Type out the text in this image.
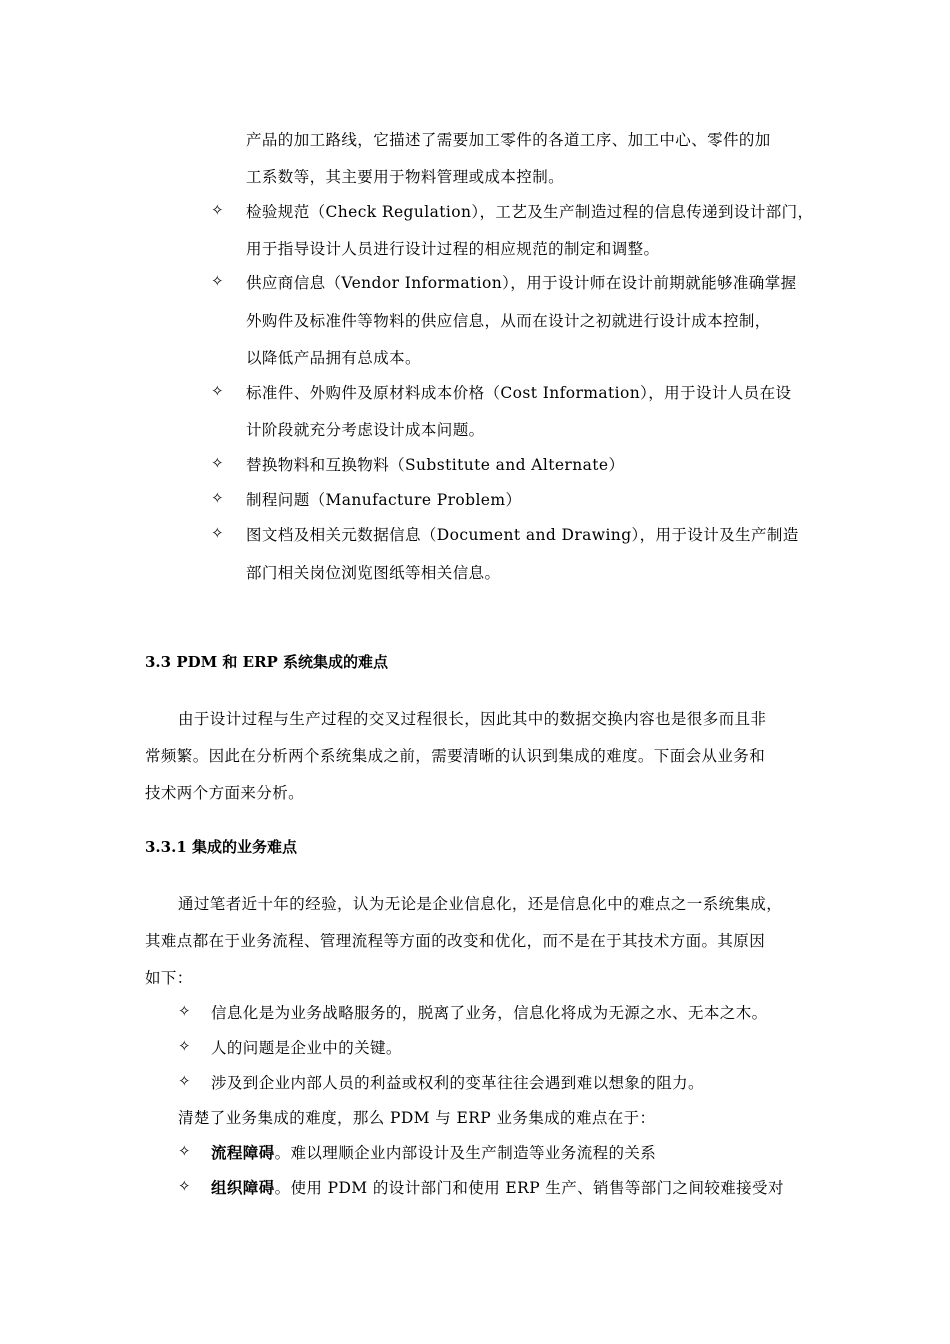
产品的加工路线，它描述了需要加工零件的各道工序、加工中心、零件的加
工系数等，其主要用于物料管理或成本控制。
✧ 检验规范（Check Regulation），工艺及生产制造过程的信息传递到设计部门，
用于指导设计人员进行设计过程的相应规范的制定和调整。
✧ 供应商信息（Vendor Information），用于设计师在设计前期就能够准确掌握
外购件及标准件等物料的供应信息，从而在设计之初就进行设计成本控制，
以降低产品拥有总成本。
✧ 标准件、外购件及原材料成本价格（Cost Information），用于设计人员在设
计阶段就充分考虑设计成本问题。
✧ 替换物料和互换物料（Substitute and Alternate）
✧ 制程问题（Manufacture Problem）
✧ 图文档及相关元数据信息（Document and Drawing），用于设计及生产制造
部门相关岗位浏览图纸等相关信息。
3.3 PDM 和 ERP 系统集成的难点
由于设计过程与生产过程的交叉过程很长，因此其中的数据交换内容也是很多而且非
常频繁。因此在分析两个系统集成之前，需要清晰的认识到集成的难度。下面会从业务和
技术两个方面来分析。
3.3.1 集成的业务难点
通过笔者近十年的经验，认为无论是企业信息化，还是信息化中的难点之一系统集成，
其难点都在于业务流程、管理流程等方面的改变和优化，而不是在于其技术方面。其原因
如下：
✧ 信息化是为业务战略服务的，脱离了业务，信息化将成为无源之水、无本之木。
✧ 人的问题是企业中的关键。
✧ 涉及到企业内部人员的利益或权利的变革往往会遇到难以想象的阻力。
清楚了业务集成的难度，那么 PDM 与 ERP 业务集成的难点在于：
✧ 流程障碍。难以理顺企业内部设计及生产制造等业务流程的关系
✧ 组织障碍。使用 PDM 的设计部门和使用 ERP 生产、销售等部门之间较难接受对
